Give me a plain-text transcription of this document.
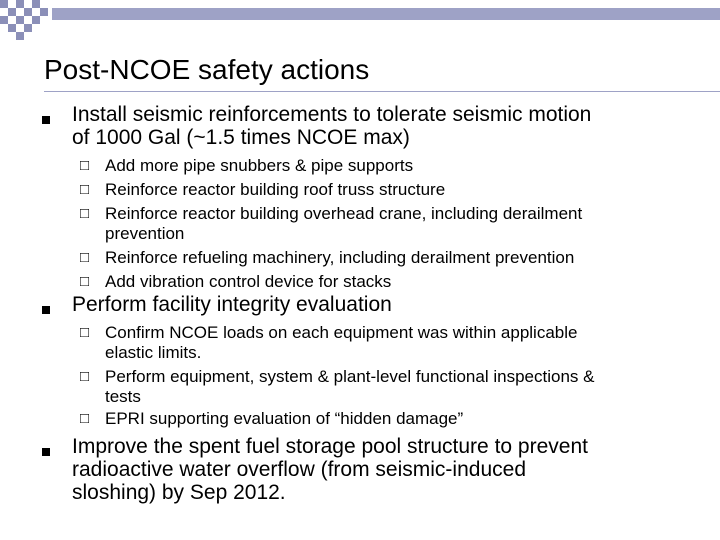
Post-NCOE safety actions
Install seismic reinforcements to tolerate seismic motion
of 1000 Gal (~1.5 times NCOE max)
□ Add more pipe snubbers & pipe supports
□ Reinforce reactor building roof truss structure
□ Reinforce reactor building overhead crane, including derailment
prevention
□ Reinforce refueling machinery, including derailment prevention
□ Add vibration control device for stacks
Perform facility integrity evaluation
□ Confirm NCOE loads on each equipment was within applicable
elastic limits.
□ Perform equipment, system & plant-level functional inspections &
tests
□ EPRI supporting evaluation of “hidden damage”
Improve the spent fuel storage pool structure to prevent
radioactive water overflow (from seismic-induced
sloshing) by Sep 2012.
